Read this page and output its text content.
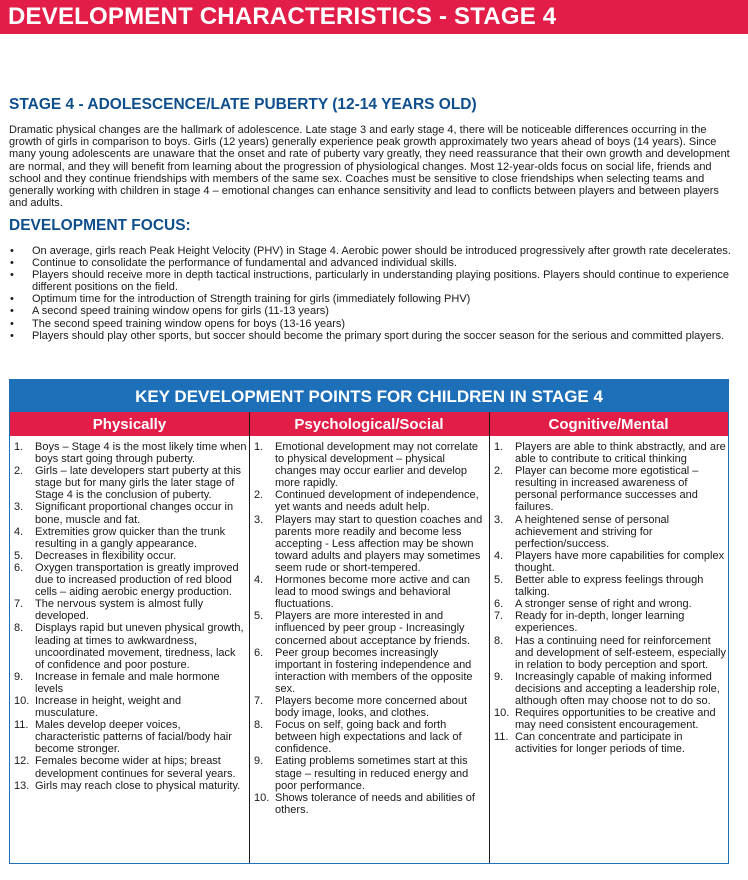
DEVELOPMENT CHARACTERISTICS - STAGE 4
STAGE 4 - ADOLESCENCE/LATE PUBERTY (12-14 YEARS OLD)

Dramatic physical changes are the hallmark of adolescence. Late stage 3 and early stage 4, there will be noticeable differences occurring in the growth of girls in comparison to boys. Girls (12 years) generally experience peak growth approximately two years ahead of boys (14 years). Since many young adolescents are unaware that the onset and rate of puberty vary greatly, they need reassurance that their own growth and development are normal, and they will benefit from learning about the progression of physiological changes. Most 12-year-olds focus on social life, friends and school and they continue friendships with members of the same sex. Coaches must be sensitive to close friendships when selecting teams and generally working with children in stage 4 – emotional changes can enhance sensitivity and lead to conflicts between players and between players and adults.

DEVELOPMENT FOCUS:
• On average, girls reach Peak Height Velocity (PHV) in Stage 4. Aerobic power should be introduced progressively after growth rate decelerates.
• Continue to consolidate the performance of fundamental and advanced individual skills.
• Players should receive more in depth tactical instructions, particularly in understanding playing positions. Players should continue to experience different positions on the field.
• Optimum time for the introduction of Strength training for girls (immediately following PHV)
• A second speed training window opens for girls (11-13 years)
• The second speed training window opens for boys (13-16 years)
• Players should play other sports, but soccer should become the primary sport during the soccer season for the serious and committed players.
KEY DEVELOPMENT POINTS FOR CHILDREN IN STAGE 4
Physically	Psychological/Social	Cognitive/Mental
1. Boys – Stage 4 is the most likely time when boys start going through puberty.
2. Girls – late developers start puberty at this stage but for many girls the later stage of Stage 4 is the conclusion of puberty.
3. Significant proportional changes occur in bone, muscle and fat.
4. Extremities grow quicker than the trunk resulting in a gangly appearance.
5. Decreases in flexibility occur.
6. Oxygen transportation is greatly improved due to increased production of red blood cells – aiding aerobic energy production.
7. The nervous system is almost fully developed.
8. Displays rapid but uneven physical growth, leading at times to awkwardness, uncoordinated movement, tiredness, lack of confidence and poor posture.
9. Increase in female and male hormone levels
10. Increase in height, weight and musculature.
11. Males develop deeper voices, characteristic patterns of facial/body hair become stronger.
12. Females become wider at hips; breast development continues for several years.
13. Girls may reach close to physical maturity.
1. Emotional development may not correlate to physical development – physical changes may occur earlier and develop more rapidly.
2. Continued development of independence, yet wants and needs adult help.
3. Players may start to question coaches and parents more readily and become less accepting - Less affection may be shown toward adults and players may sometimes seem rude or short-tempered.
4. Hormones become more active and can lead to mood swings and behavioral fluctuations.
5. Players are more interested in and influenced by peer group - Increasingly concerned about acceptance by friends.
6. Peer group becomes increasingly important in fostering independence and interaction with members of the opposite sex.
7. Players become more concerned about body image, looks, and clothes.
8. Focus on self, going back and forth between high expectations and lack of confidence.
9. Eating problems sometimes start at this stage – resulting in reduced energy and poor performance.
10. Shows tolerance of needs and abilities of others.
1. Players are able to think abstractly, and are able to contribute to critical thinking
2. Player can become more egotistical – resulting in increased awareness of personal performance successes and failures.
3. A heightened sense of personal achievement and striving for perfection/success.
4. Players have more capabilities for complex thought.
5. Better able to express feelings through talking.
6. A stronger sense of right and wrong.
7. Ready for in-depth, longer learning experiences.
8. Has a continuing need for reinforcement and development of self-esteem, especially in relation to body perception and sport.
9. Increasingly capable of making informed decisions and accepting a leadership role, although often may choose not to do so.
10. Requires opportunities to be creative and may need consistent encouragement.
11. Can concentrate and participate in activities for longer periods of time.
